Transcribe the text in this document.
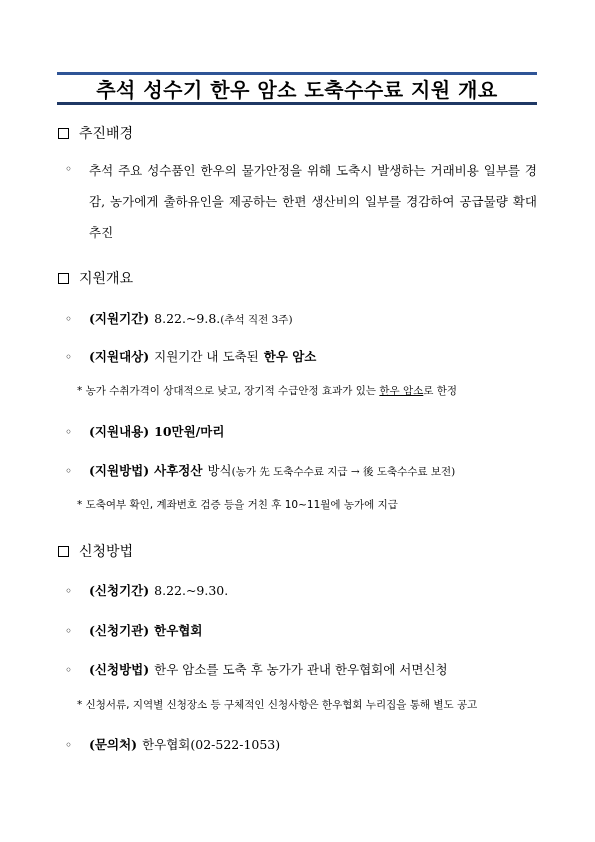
추석 성수기 한우 암소 도축수수료 지원 개요
추진배경
◦	추석 주요 성수품인 한우의 물가안정을 위해 도축시 발생하는 거래비용 일부를 경감, 농가에게 출하유인을 제공하는 한편 생산비의 일부를 경감하여 공급물량 확대 추진
지원개요
◦	(지원기간) 8.22.~9.8. (추석 직전 3주)
◦	(지원대상) 지원기간 내 도축된 한우 암소
* 농가 수취가격이 상대적으로 낮고, 장기적 수급안정 효과가 있는 한우 암소로 한정
◦	(지원내용) 10만원/마리
◦	(지원방법) 사후정산 방식 (농가 先 도축수수료 지급 → 後 도축수수료 보전)
* 도축여부 확인, 계좌번호 검증 등을 거친 후 10~11월에 농가에 지급
신청방법
◦	(신청기간) 8.22.~9.30.
◦	(신청기관) 한우협회
◦	(신청방법) 한우 암소를 도축 후 농가가 관내 한우협회에 서면신청
* 신청서류, 지역별 신청장소 등 구체적인 신청사항은 한우협회 누리집을 통해 별도 공고
◦	(문의처) 한우협회(02-522-1053)
